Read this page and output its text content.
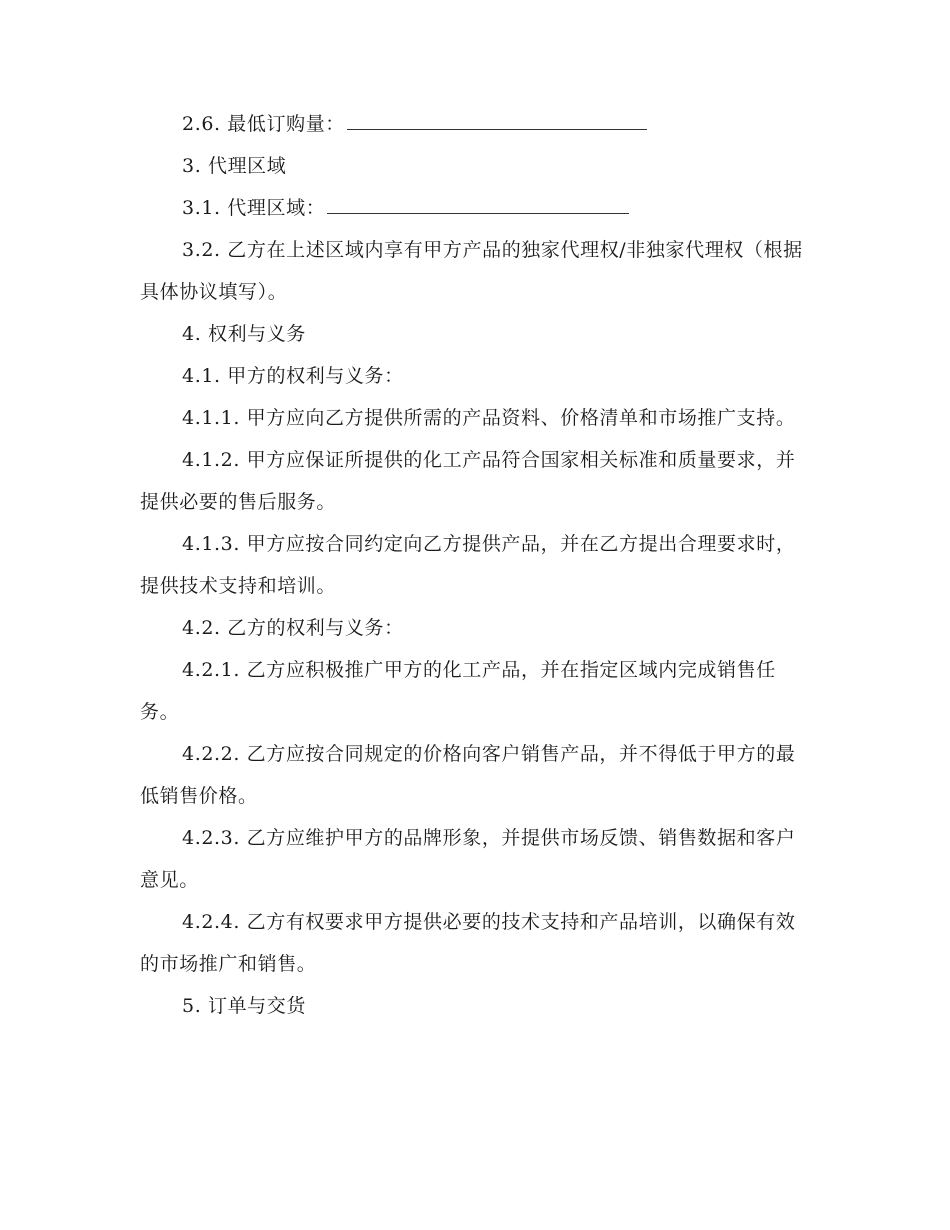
2.6. 最低订购量：

3. 代理区域

3.1. 代理区域：

3.2. 乙方在上述区域内享有甲方产品的独家代理权/非独家代理权（根据具体协议填写）。

4. 权利与义务

4.1. 甲方的权利与义务：

4.1.1. 甲方应向乙方提供所需的产品资料、价格清单和市场推广支持。

4.1.2. 甲方应保证所提供的化工产品符合国家相关标准和质量要求，并提供必要的售后服务。

4.1.3. 甲方应按合同约定向乙方提供产品，并在乙方提出合理要求时，提供技术支持和培训。

4.2. 乙方的权利与义务：

4.2.1. 乙方应积极推广甲方的化工产品，并在指定区域内完成销售任务。

4.2.2. 乙方应按合同规定的价格向客户销售产品，并不得低于甲方的最低销售价格。

4.2.3. 乙方应维护甲方的品牌形象，并提供市场反馈、销售数据和客户意见。

4.2.4. 乙方有权要求甲方提供必要的技术支持和产品培训，以确保有效的市场推广和销售。

5. 订单与交货
